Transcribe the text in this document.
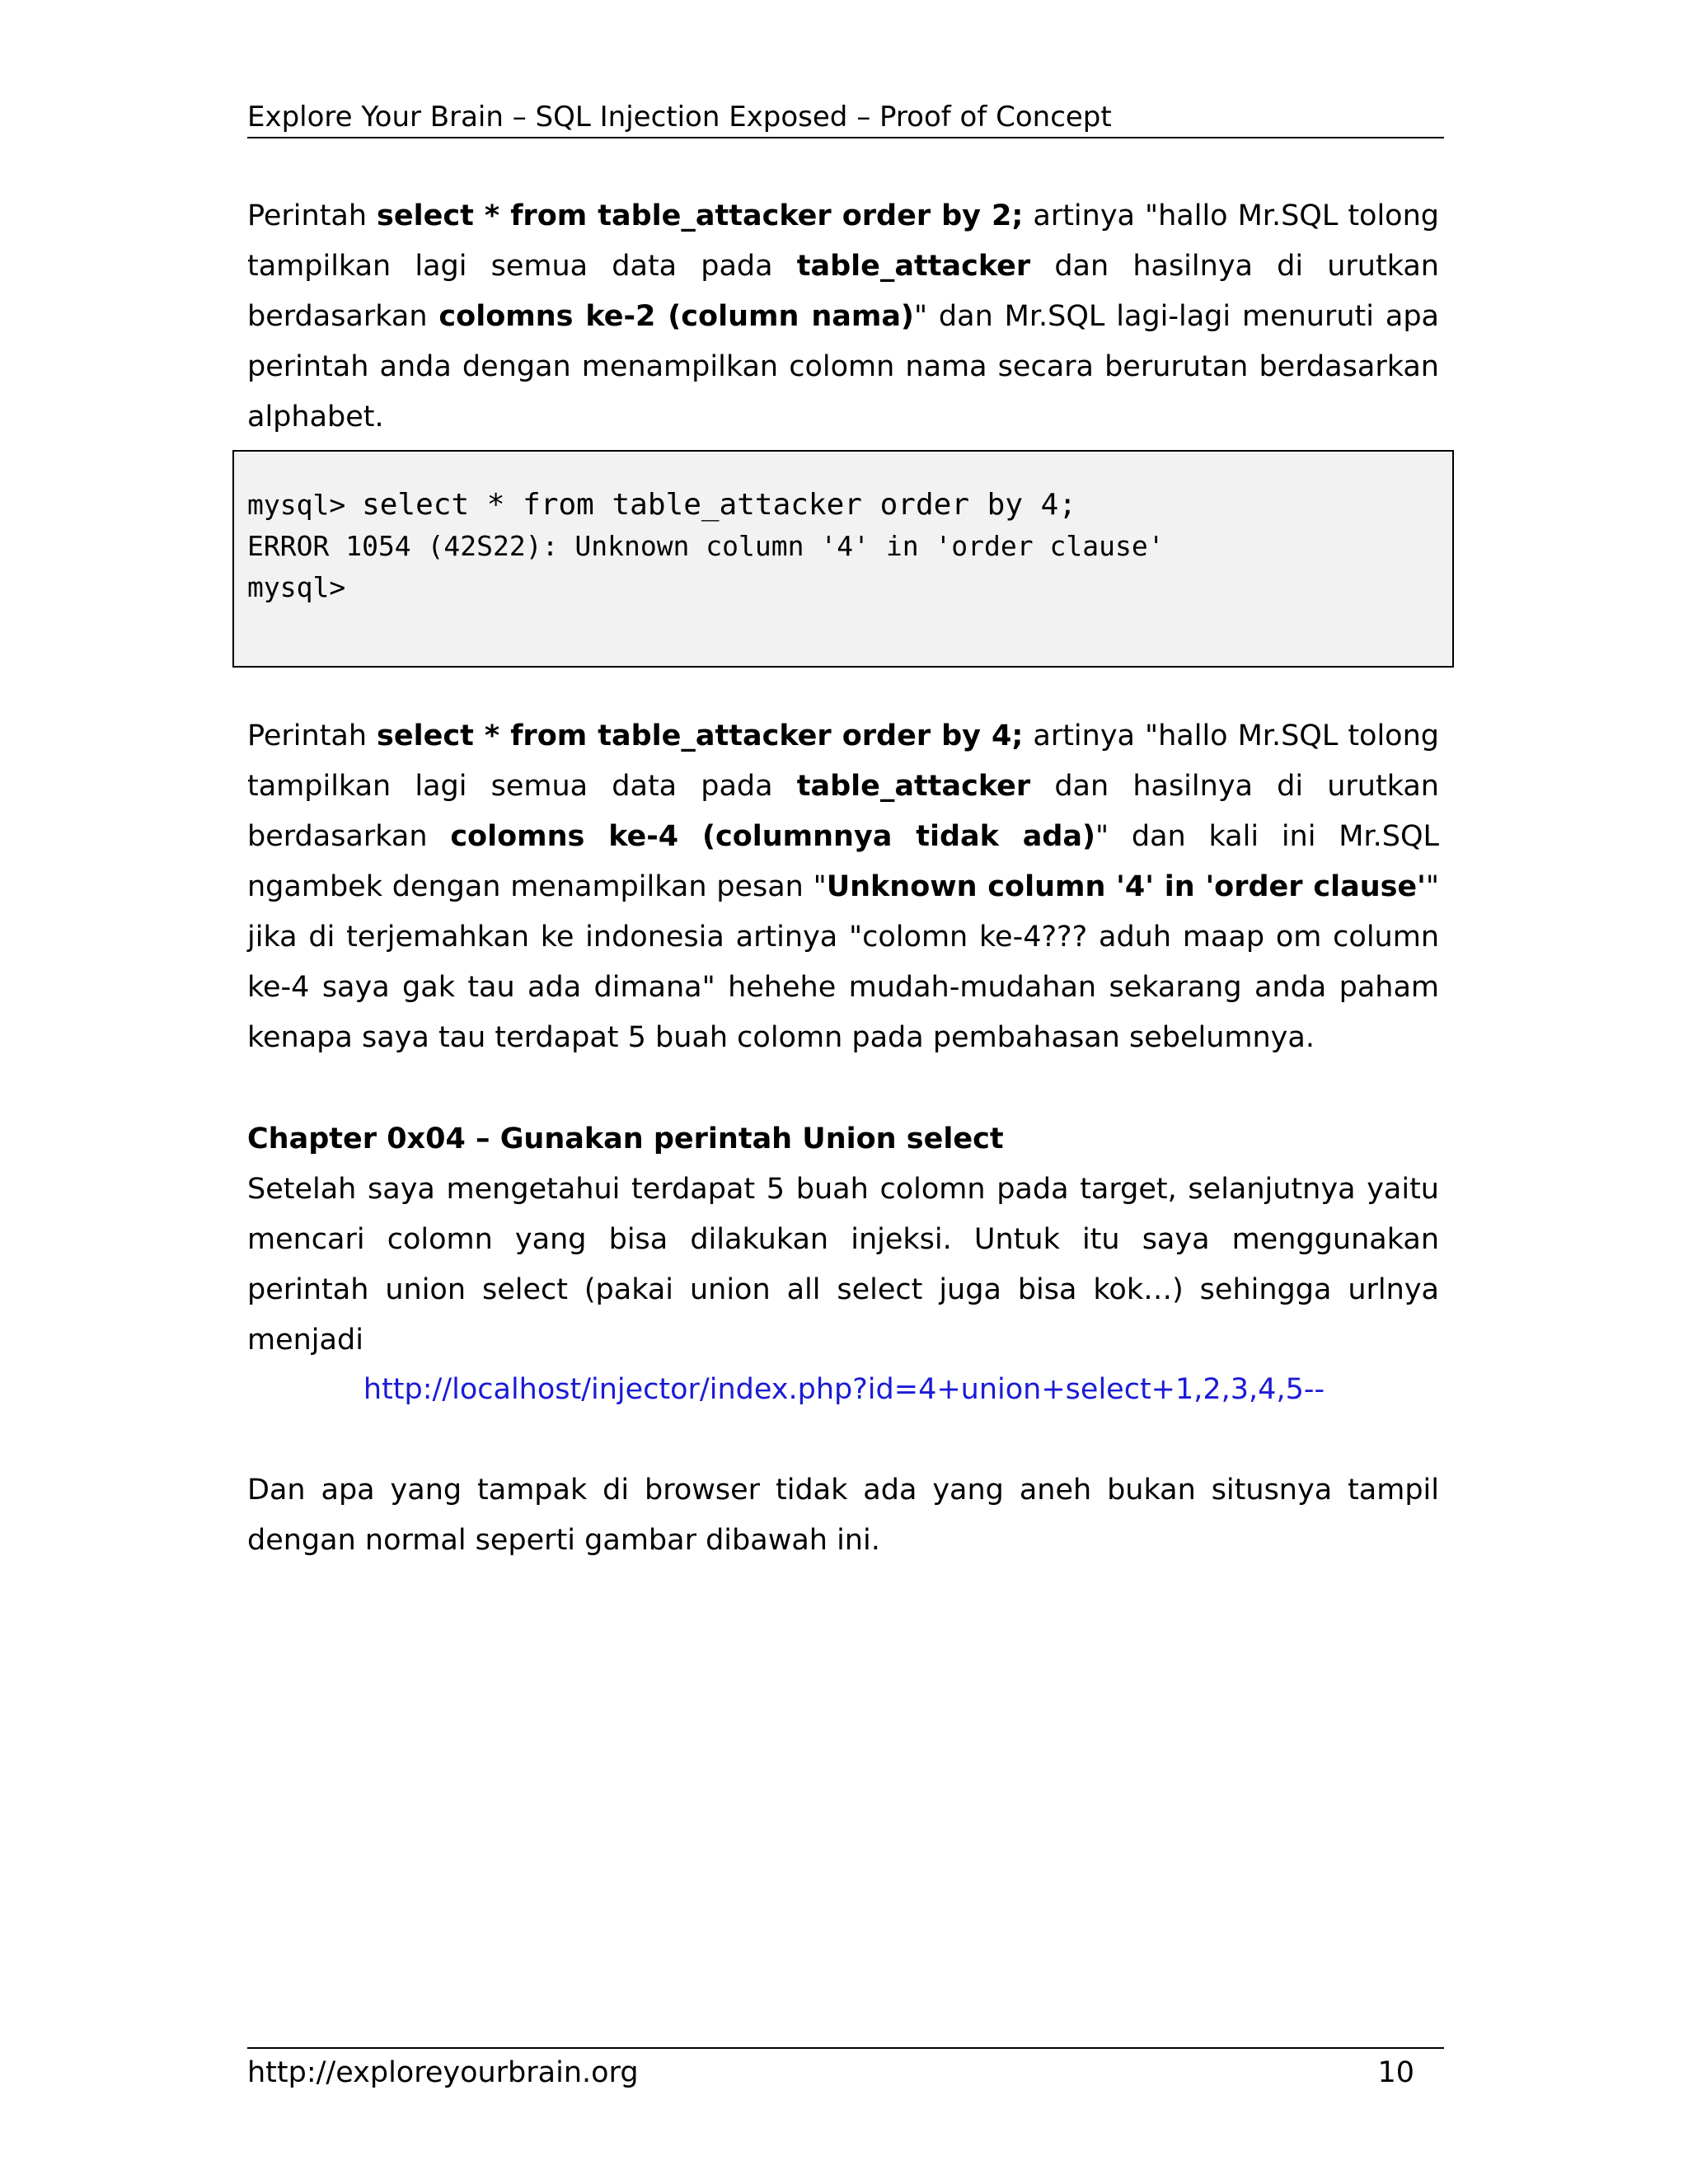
Explore Your Brain – SQL Injection Exposed – Proof of Concept

Perintah select * from table_attacker order by 2; artinya "hallo Mr.SQL tolong tampilkan lagi semua data pada table_attacker dan hasilnya di urutkan berdasarkan colomns ke-2 (column nama)" dan Mr.SQL lagi-lagi menuruti apa perintah anda dengan menampilkan colomn nama secara berurutan berdasarkan alphabet.

mysql> select * from table_attacker order by 4;
ERROR 1054 (42S22): Unknown column '4' in 'order clause'
mysql>

Perintah select * from table_attacker order by 4; artinya "hallo Mr.SQL tolong tampilkan lagi semua data pada table_attacker dan hasilnya di urutkan berdasarkan colomns ke-4 (columnnya tidak ada)" dan kali ini Mr.SQL ngambek dengan menampilkan pesan "Unknown column '4' in 'order clause'" jika di terjemahkan ke indonesia artinya "colomn ke-4??? aduh maap om column ke-4 saya gak tau ada dimana" hehehe mudah-mudahan sekarang anda paham kenapa saya tau terdapat 5 buah colomn pada pembahasan sebelumnya.

Chapter 0x04 – Gunakan perintah Union select

Setelah saya mengetahui terdapat 5 buah colomn pada target, selanjutnya yaitu mencari colomn yang bisa dilakukan injeksi. Untuk itu saya menggunakan perintah union select (pakai union all select juga bisa kok…) sehingga urlnya menjadi

http://localhost/injector/index.php?id=4+union+select+1,2,3,4,5--

Dan apa yang tampak di browser tidak ada yang aneh bukan situsnya tampil dengan normal seperti gambar dibawah ini.

http://exploreyourbrain.org	10
